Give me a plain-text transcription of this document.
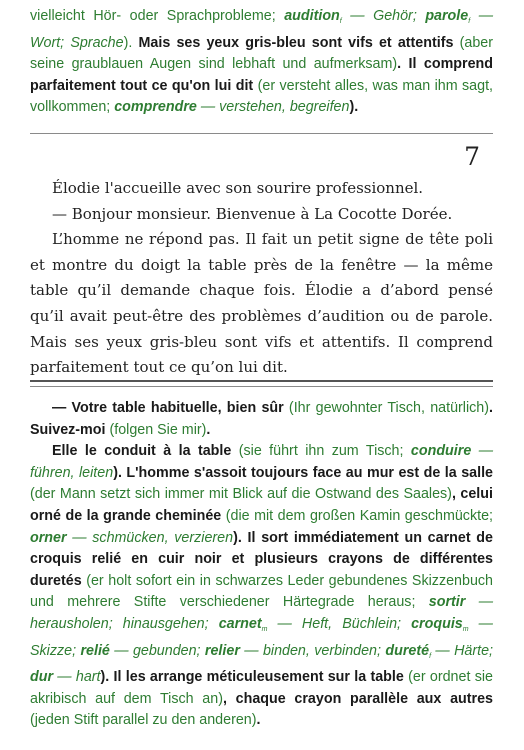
vielleicht Hör- oder Sprachprobleme; audition$_f$ — Gehör; parole$_f$ — Wort; Sprache). Mais ses yeux gris-bleu sont vifs et attentifs (aber seine graublauen Augen sind lebhaft und aufmerksam). Il comprend parfaitement tout ce qu'on lui dit (er versteht alles, was man ihm sagt, vollkommen; comprendre — verstehen, begreifen).

7

Élodie l'accueille avec son sourire professionnel.

— Bonjour monsieur. Bienvenue à La Cocotte Dorée.

L’homme ne répond pas. Il fait un petit signe de tête poli et montre du doigt la table près de la fenêtre — la même table qu’il demande chaque fois. Élodie a d’abord pensé qu’il avait peut-être des problèmes d’audition ou de parole. Mais ses yeux gris-bleu sont vifs et attentifs. Il comprend parfaitement tout ce qu’on lui dit.

— Votre table habituelle, bien sûr (Ihr gewohnter Tisch, natürlich). Suivez-moi (folgen Sie mir).

Elle le conduit à la table (sie führt ihn zum Tisch; conduire — führen, leiten). L'homme s'assoit toujours face au mur est de la salle (der Mann setzt sich immer mit Blick auf die Ostwand des Saales), celui orné de la grande cheminée (die mit dem großen Kamin geschmückte; orner — schmücken, verzieren). Il sort immédiatement un carnet de croquis relié en cuir noir et plusieurs crayons de différentes duretés (er holt sofort ein in schwarzes Leder gebundenes Skizzenbuch und mehrere Stifte verschiedener Härtegrade heraus; sortir — herausholen; hinausgehen; carnet$_m$ — Heft, Büchlein; croquis$_m$ — Skizze; relié — gebunden; relier — binden, verbinden; dureté$_f$ — Härte; dur — hart). Il les arrange méticuleusement sur la table (er ordnet sie akribisch auf dem Tisch an), chaque crayon parallèle aux autres (jeden Stift parallel zu den anderen).
